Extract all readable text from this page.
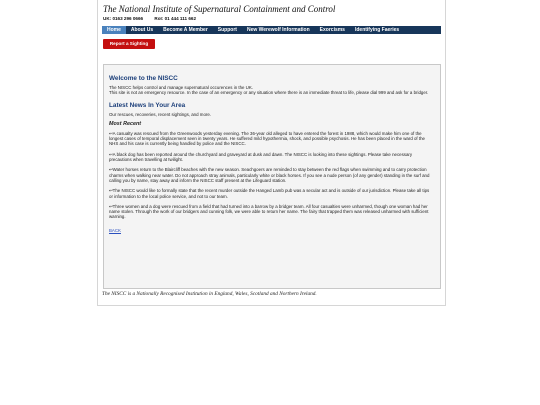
The National Institute of Supernatural Containment and Control
UK: 0163 296 0666 RoI: 01 444 111 662
Home	About Us	Become A Member	Support	New Werewolf Information	Exorcisms	Identifying Faeries
Report a Sighting
Welcome to the NISCC

The NISCC helps control and manage supernatural occurences in the UK.

This site is not an emergency resource. In the case of an emergency or any situation where there is an immediate threat to life, please dial 999 and ask for a bridger.

Latest News In Your Area

Our rescues, recoveries, recent sightings, and more.

Most Recent

↩A casualty was rescued from the Greenwoods yesterday evening. The 36-year old alleged to have entered the forest in 1988, which would make him one of the longest cases of temporal displacement seen in twenty years. He suffered mild hypothermia, shock, and possible psychosis. He has been placed in the ward of the NHS and his case is currently being handled by police and the NISCC.

↩A black dog has been reported around the churchyard and graveyard at dusk and dawn. The NISCC is looking into these sightings. Please take necessary precautions when travelling at twilight.

↩Water horses return to the Blaircliff beaches with the new season. Seachgoers are reminded to stay between the red flags when swimming and to carry protection charms when walking near water. Do not approach stray animals, particularly white or black horses. If you see a nude person (of any gender) standing in the surf and calling you by name, stay away and inform the NISCC staff present at the Lifeguard station.

↩The NISCC would like to formally state that the recent murder outside the Hanged Lamb pub was a secular act and is outside of our jurisdiction. Please take all tips or information to the local police service, and not to our team.

↩Three women and a dog were rescued from a field that had turned into a barrow by a bridger team. All four casualties were unharmed, though one woman had her name stolen. Through the work of our bridgers and cunning folk, we were able to return her name. The fairy that trapped them was released unharmed with sufficient warning.

BACK
The NISCC is a Nationally Recognised Institution in England, Wales, Scotland and Northern Ireland.
